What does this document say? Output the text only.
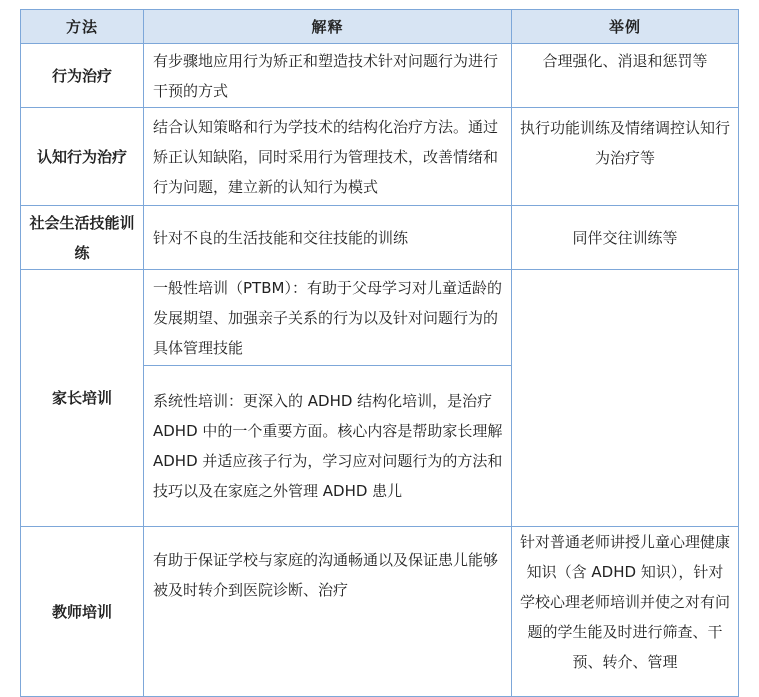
方法	解释	举例
行为治疗	有步骤地应用行为矫正和塑造技术针对问题行为进行干预的方式	合理强化、消退和惩罚等
认知行为治疗	结合认知策略和行为学技术的结构化治疗方法。通过矫正认知缺陷，同时采用行为管理技术，改善情绪和行为问题，建立新的认知行为模式	执行功能训练及情绪调控认知行为治疗等
社会生活技能训练	针对不良的生活技能和交往技能的训练	同伴交往训练等
家长培训	一般性培训（PTBM）：有助于父母学习对儿童适龄的发展期望、加强亲子关系的行为以及针对问题行为的具体管理技能	
	系统性培训：更深入的 ADHD 结构化培训，是治疗 ADHD 中的一个重要方面。核心内容是帮助家长理解 ADHD 并适应孩子行为，学习应对问题行为的方法和技巧以及在家庭之外管理 ADHD 患儿	
教师培训	有助于保证学校与家庭的沟通畅通以及保证患儿能够被及时转介到医院诊断、治疗	针对普通老师讲授儿童心理健康知识（含 ADHD 知识），针对学校心理老师培训并使之对有问题的学生能及时进行筛查、干预、转介、管理
